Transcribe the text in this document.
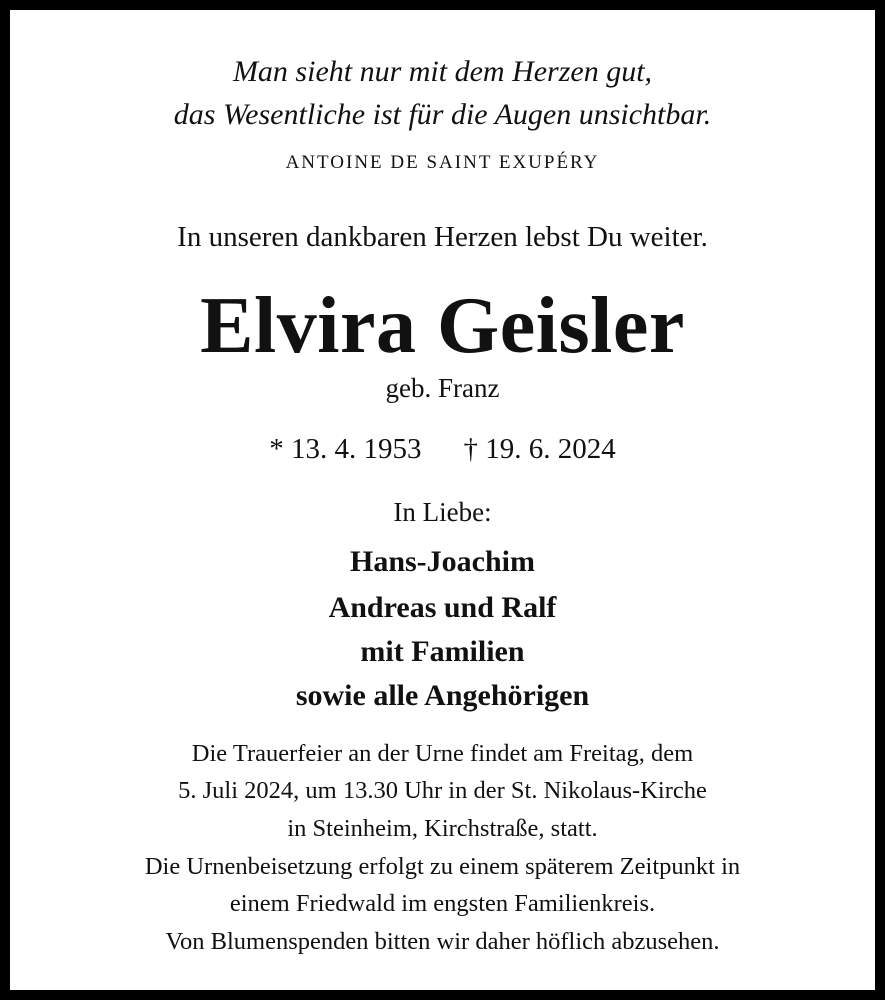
Man sieht nur mit dem Herzen gut,
das Wesentliche ist für die Augen unsichtbar.
ANTOINE DE SAINT EXUPÉRY
In unseren dankbaren Herzen lebst Du weiter.
Elvira Geisler
geb. Franz
* 13. 4. 1953 † 19. 6. 2024
In Liebe:
Hans-Joachim
Andreas und Ralf
mit Familien
sowie alle Angehörigen
Die Trauerfeier an der Urne findet am Freitag, dem
5. Juli 2024, um 13.30 Uhr in der St. Nikolaus-Kirche
in Steinheim, Kirchstraße, statt.
Die Urnenbeisetzung erfolgt zu einem späterem Zeitpunkt in
einem Friedwald im engsten Familienkreis.
Von Blumenspenden bitten wir daher höflich abzusehen.
